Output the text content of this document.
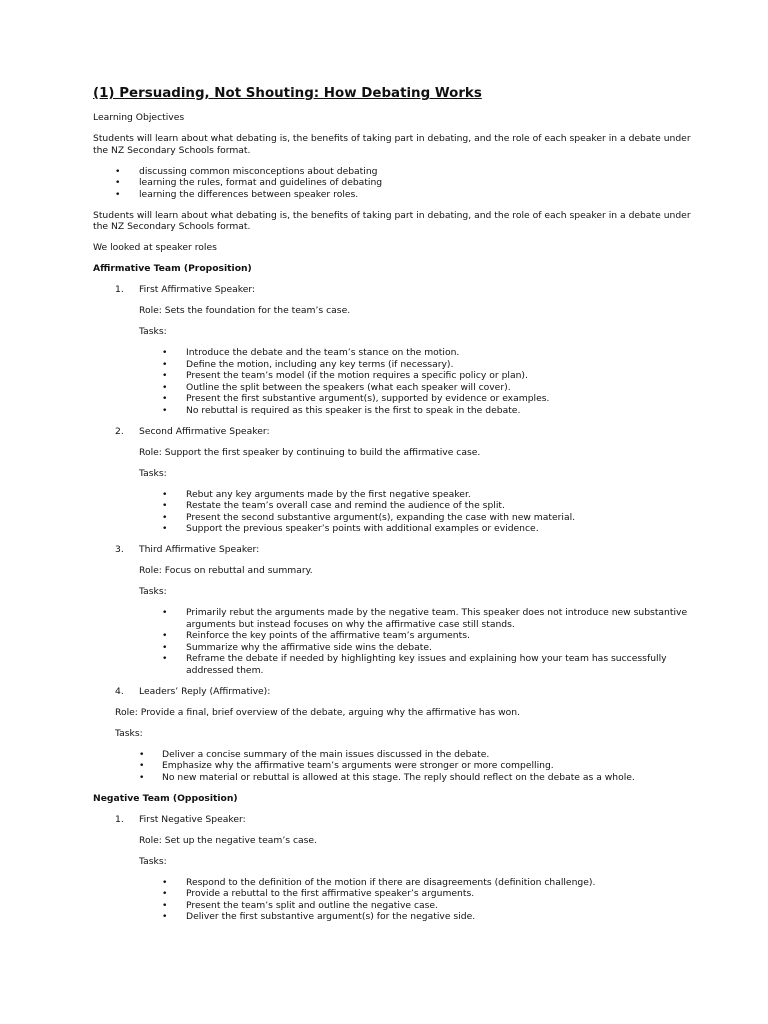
(1) Persuading, Not Shouting: How Debating Works

Learning Objectives

Students will learn about what debating is, the benefits of taking part in debating, and the role of each speaker in a debate under the NZ Secondary Schools format.

• discussing common misconceptions about debating
• learning the rules, format and guidelines of debating
• learning the differences between speaker roles.

Students will learn about what debating is, the benefits of taking part in debating, and the role of each speaker in a debate under the NZ Secondary Schools format.

We looked at speaker roles

Affirmative Team (Proposition)

1. First Affirmative Speaker:

Role: Sets the foundation for the team’s case.

Tasks:

• Introduce the debate and the team’s stance on the motion.
• Define the motion, including any key terms (if necessary).
• Present the team’s model (if the motion requires a specific policy or plan).
• Outline the split between the speakers (what each speaker will cover).
• Present the first substantive argument(s), supported by evidence or examples.
• No rebuttal is required as this speaker is the first to speak in the debate.
2. Second Affirmative Speaker:

Role: Support the first speaker by continuing to build the affirmative case.

Tasks:

• Rebut any key arguments made by the first negative speaker.
• Restate the team’s overall case and remind the audience of the split.
• Present the second substantive argument(s), expanding the case with new material.
• Support the previous speaker’s points with additional examples or evidence.
3. Third Affirmative Speaker:

Role: Focus on rebuttal and summary.

Tasks:

• Primarily rebut the arguments made by the negative team. This speaker does not introduce new substantive arguments but instead focuses on why the affirmative case still stands.
• Reinforce the key points of the affirmative team’s arguments.
• Summarize why the affirmative side wins the debate.
• Reframe the debate if needed by highlighting key issues and explaining how your team has successfully addressed them.
4. Leaders’ Reply (Affirmative):

Role: Provide a final, brief overview of the debate, arguing why the affirmative has won.

Tasks:

• Deliver a concise summary of the main issues discussed in the debate.
• Emphasize why the affirmative team’s arguments were stronger or more compelling.
• No new material or rebuttal is allowed at this stage. The reply should reflect on the debate as a whole.

Negative Team (Opposition)

1. First Negative Speaker:

Role: Set up the negative team’s case.

Tasks:

• Respond to the definition of the motion if there are disagreements (definition challenge).
• Provide a rebuttal to the first affirmative speaker’s arguments.
• Present the team’s split and outline the negative case.
• Deliver the first substantive argument(s) for the negative side.
